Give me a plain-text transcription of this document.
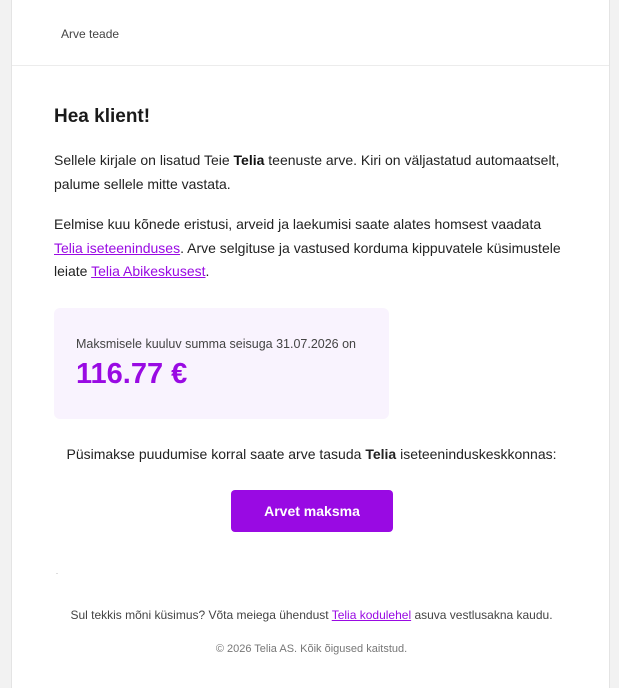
Arve teade
Hea klient!

Sellele kirjale on lisatud Teie Telia teenuste arve. Kiri on väljastatud automaatselt, palume sellele mitte vastata.

Eelmise kuu kõnede eristusi, arveid ja laekumisi saate alates homsest vaadata Telia iseteeninduses. Arve selgituse ja vastused korduma kippuvatele küsimustele leiate Telia Abikeskusest.

Maksmisele kuuluv summa seisuga 31.07.2026 on
116.77 €
Püsimakse puudumise korral saate arve tasuda Telia iseteeninduskeskkonnas:
Arvet maksma
Sul tekkis mõni küsimus? Võta meiega ühendust Telia kodulehel asuva vestlusakna kaudu.
© 2026 Telia AS. Kõik õigused kaitstud.
